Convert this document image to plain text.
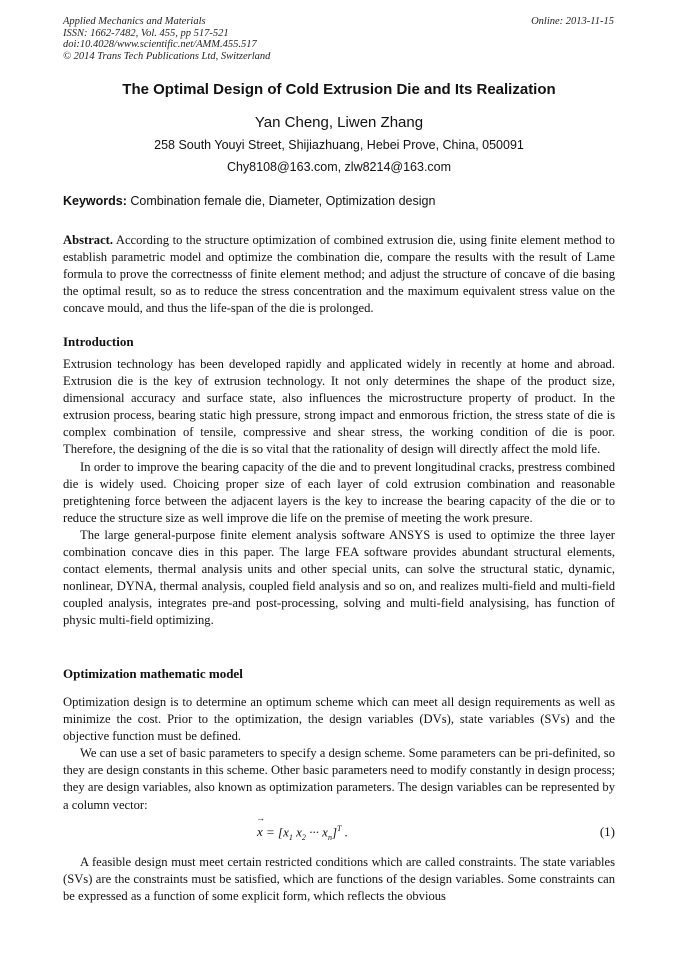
Applied Mechanics and Materials
ISSN: 1662-7482, Vol. 455, pp 517-521
doi:10.4028/www.scientific.net/AMM.455.517
© 2014 Trans Tech Publications Ltd, Switzerland
Online: 2013-11-15
The Optimal Design of Cold Extrusion Die and Its Realization
Yan Cheng, Liwen Zhang
258 South Youyi Street, Shijiazhuang, Hebei Prove, China, 050091
Chy8108@163.com, zlw8214@163.com
Keywords: Combination female die, Diameter, Optimization design

Abstract. According to the structure optimization of combined extrusion die, using finite element method to establish parametric model and optimize the combination die, compare the results with the result of Lame formula to prove the correctnesss of finite element method; and adjust the structure of concave of die basing the optimal result, so as to reduce the stress concentration and the maximum equivalent stress value on the concave mould, and thus the life-span of the die is prolonged.

Introduction

Extrusion technology has been developed rapidly and applicated widely in recently at home and abroad. Extrusion die is the key of extrusion technology. It not only determines the shape of the product size, dimensional accuracy and surface state, also influences the microstructure property of product. In the extrusion process, bearing static high pressure, strong impact and enmorous friction, the stress state of die is complex combination of tensile, compressive and shear stress, the working condition of die is poor. Therefore, the designing of the die is so vital that the rationality of design will directly affect the mold life.

In order to improve the bearing capacity of the die and to prevent longitudinal cracks, prestress combined die is widely used. Choicing proper size of each layer of cold extrusion combination and reasonable pretightening force between the adjacent layers is the key to increase the bearing capacity of the die or to reduce the structure size as well improve die life on the premise of meeting the work presure.

The large general-purpose finite element analysis software ANSYS is used to optimize the three layer combination concave dies in this paper. The large FEA software provides abundant structural elements, contact elements, thermal analysis units and other special units, can solve the structural static, dynamic, nonlinear, DYNA, thermal analysis, coupled field analysis and so on, and realizes multi-field and multi-field coupled analysis, integrates pre-and post-processing, solving and multi-field analysising, has function of physic multi-field optimizing.

Optimization mathematic model

Optimization design is to determine an optimum scheme which can meet all design requirements as well as minimize the cost. Prior to the optimization, the design variables (DVs), state variables (SVs) and the objective function must be defined.

We can use a set of basic parameters to specify a design scheme. Some parameters can be pri-definited, so they are design constants in this scheme. Other basic parameters need to modify constantly in design process; they are design variables, also known as optimization parameters. The design variables can be represented by a column vector:

→ $x = [x_1$ $x_2$ ··· $x_n]^T$ .	(1)

A feasible design must meet certain restricted conditions which are called constraints. The state variables (SVs) are the constraints must be satisfied, which are functions of the design variables. Some constraints can be expressed as a function of some explicit form, which reflects the obvious
